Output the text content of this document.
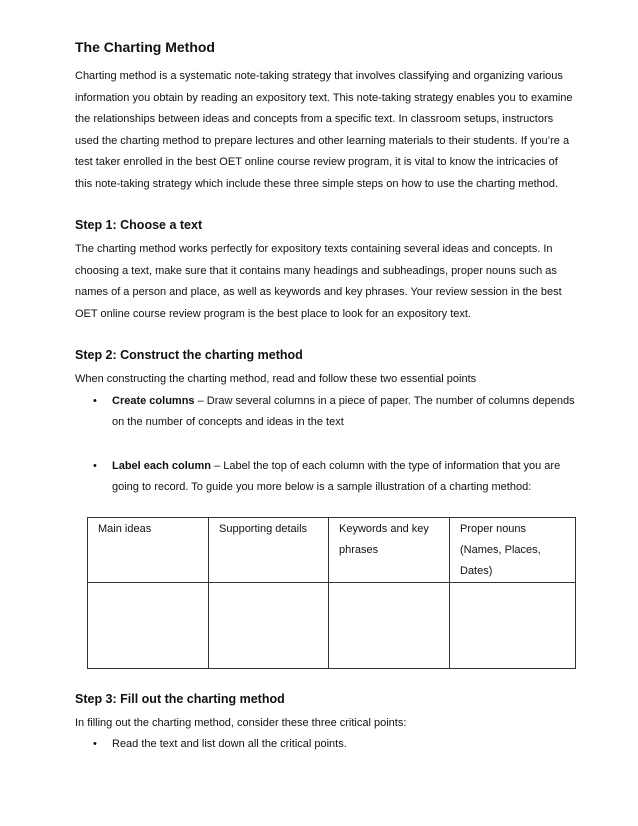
The Charting Method

Charting method is a systematic note-taking strategy that involves classifying and organizing various information you obtain by reading an expository text. This note-taking strategy enables you to examine the relationships between ideas and concepts from a specific text. In classroom setups, instructors used the charting method to prepare lectures and other learning materials to their students. If you’re a test taker enrolled in the best OET online course review program, it is vital to know the intricacies of this note-taking strategy which include these three simple steps on how to use the charting method.

Step 1: Choose a text

The charting method works perfectly for expository texts containing several ideas and concepts. In choosing a text, make sure that it contains many headings and subheadings, proper nouns such as names of a person and place, as well as keywords and key phrases. Your review session in the best OET online course review program is the best place to look for an expository text.

Step 2: Construct the charting method

When constructing the charting method, read and follow these two essential points

• Create columns – Draw several columns in a piece of paper. The number of columns depends on the number of concepts and ideas in the text
• Label each column – Label the top of each column with the type of information that you are going to record. To guide you more below is a sample illustration of a charting method:
Main ideas	Supporting details	Keywords and key phrases	Proper nouns (Names, Places, Dates)

Step 3: Fill out the charting method

In filling out the charting method, consider these three critical points:

• Read the text and list down all the critical points.
